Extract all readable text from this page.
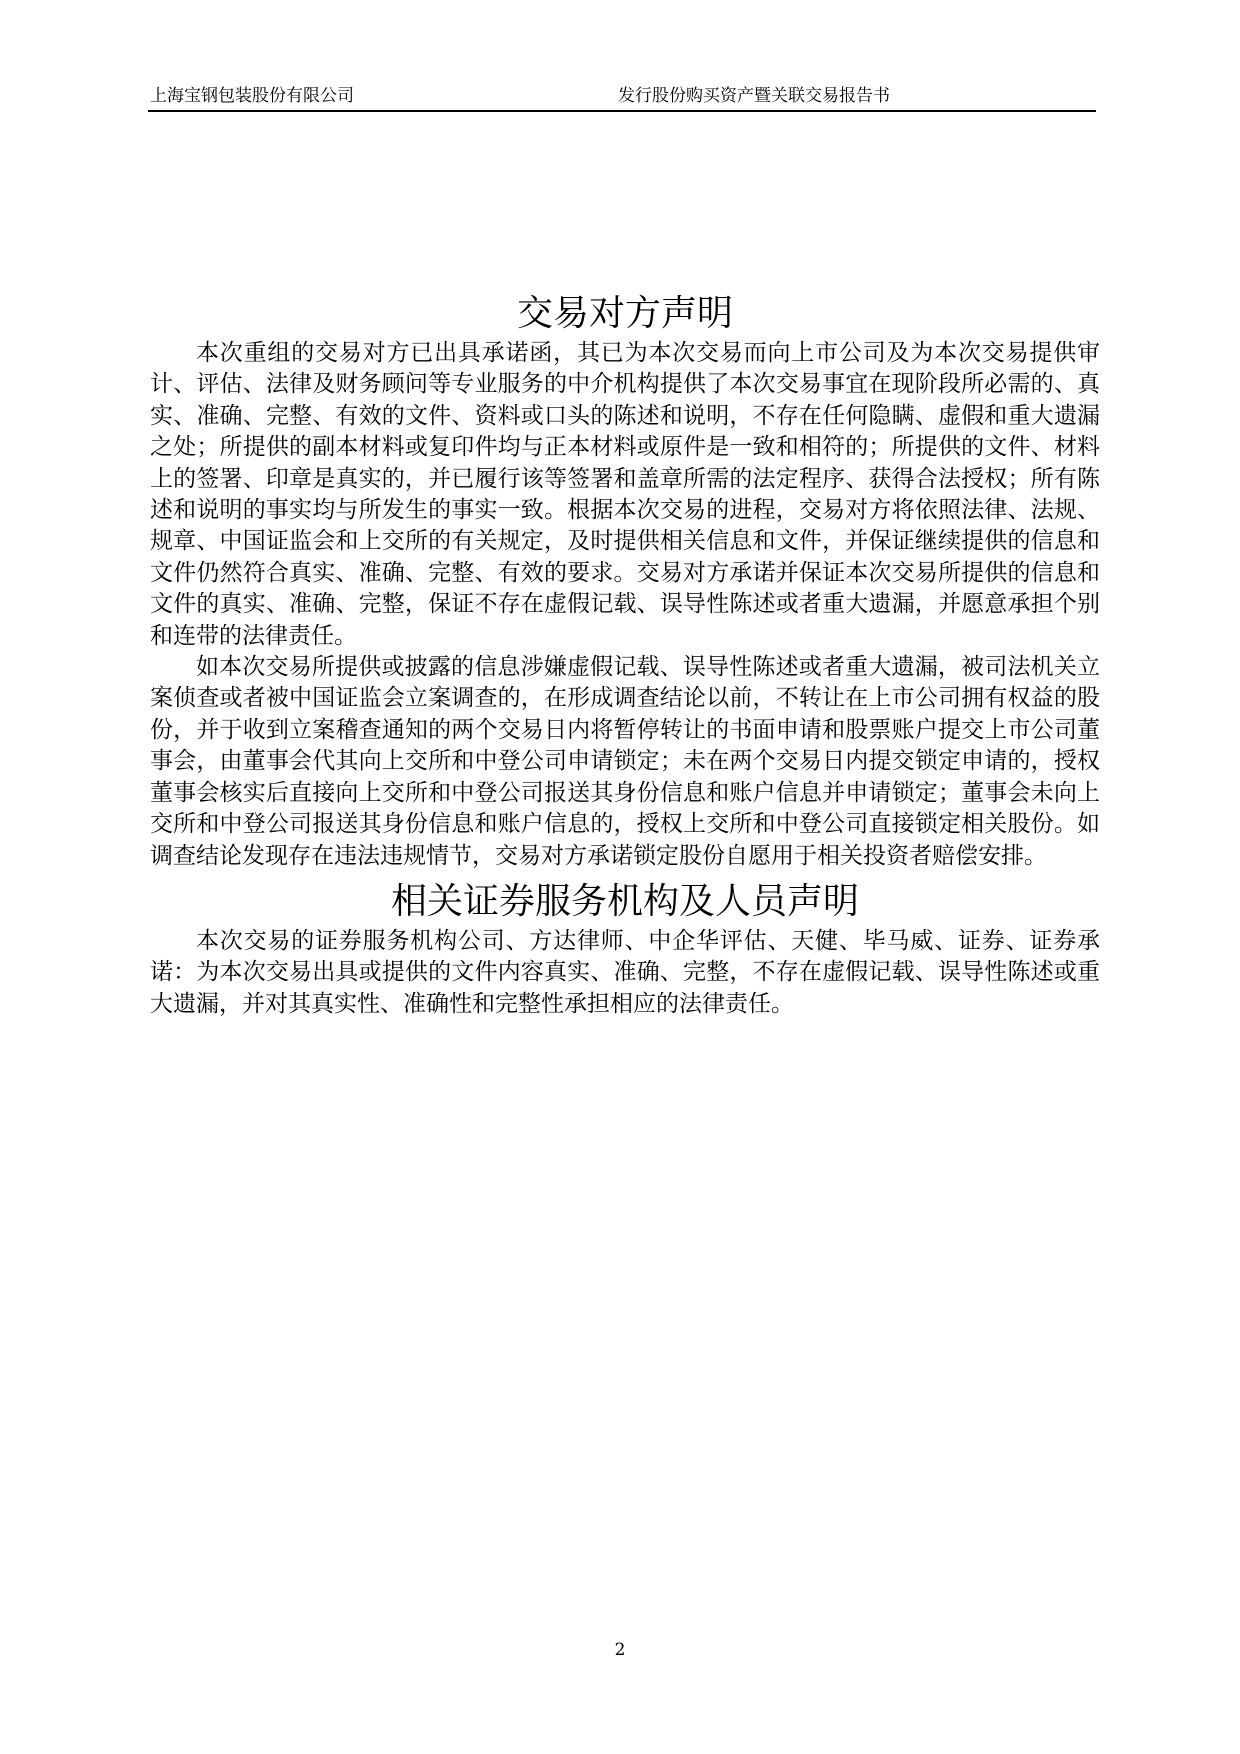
上海宝钢包装股份有限公司	发行股份购买资产暨关联交易报告书
交易对方声明

本次重组的交易对方已出具承诺函，其已为本次交易而向上市公司及为本次交易提供审计、评估、法律及财务顾问等专业服务的中介机构提供了本次交易事宜在现阶段所必需的、真实、准确、完整、有效的文件、资料或口头的陈述和说明，不存在任何隐瞒、虚假和重大遗漏之处；所提供的副本材料或复印件均与正本材料或原件是一致和相符的；所提供的文件、材料上的签署、印章是真实的，并已履行该等签署和盖章所需的法定程序、获得合法授权；所有陈述和说明的事实均与所发生的事实一致。根据本次交易的进程，交易对方将依照法律、法规、规章、中国证监会和上交所的有关规定，及时提供相关信息和文件，并保证继续提供的信息和文件仍然符合真实、准确、完整、有效的要求。交易对方承诺并保证本次交易所提供的信息和文件的真实、准确、完整，保证不存在虚假记载、误导性陈述或者重大遗漏，并愿意承担个别和连带的法律责任。

如本次交易所提供或披露的信息涉嫌虚假记载、误导性陈述或者重大遗漏，被司法机关立案侦查或者被中国证监会立案调查的，在形成调查结论以前，不转让在上市公司拥有权益的股份，并于收到立案稽查通知的两个交易日内将暂停转让的书面申请和股票账户提交上市公司董事会，由董事会代其向上交所和中登公司申请锁定；未在两个交易日内提交锁定申请的，授权董事会核实后直接向上交所和中登公司报送其身份信息和账户信息并申请锁定；董事会未向上交所和中登公司报送其身份信息和账户信息的，授权上交所和中登公司直接锁定相关股份。如调查结论发现存在违法违规情节，交易对方承诺锁定股份自愿用于相关投资者赔偿安排。

相关证券服务机构及人员声明

本次交易的证券服务机构公司、方达律师、中企华评估、天健、毕马威、证券、证券承诺：为本次交易出具或提供的文件内容真实、准确、完整，不存在虚假记载、误导性陈述或重大遗漏，并对其真实性、准确性和完整性承担相应的法律责任。

2
